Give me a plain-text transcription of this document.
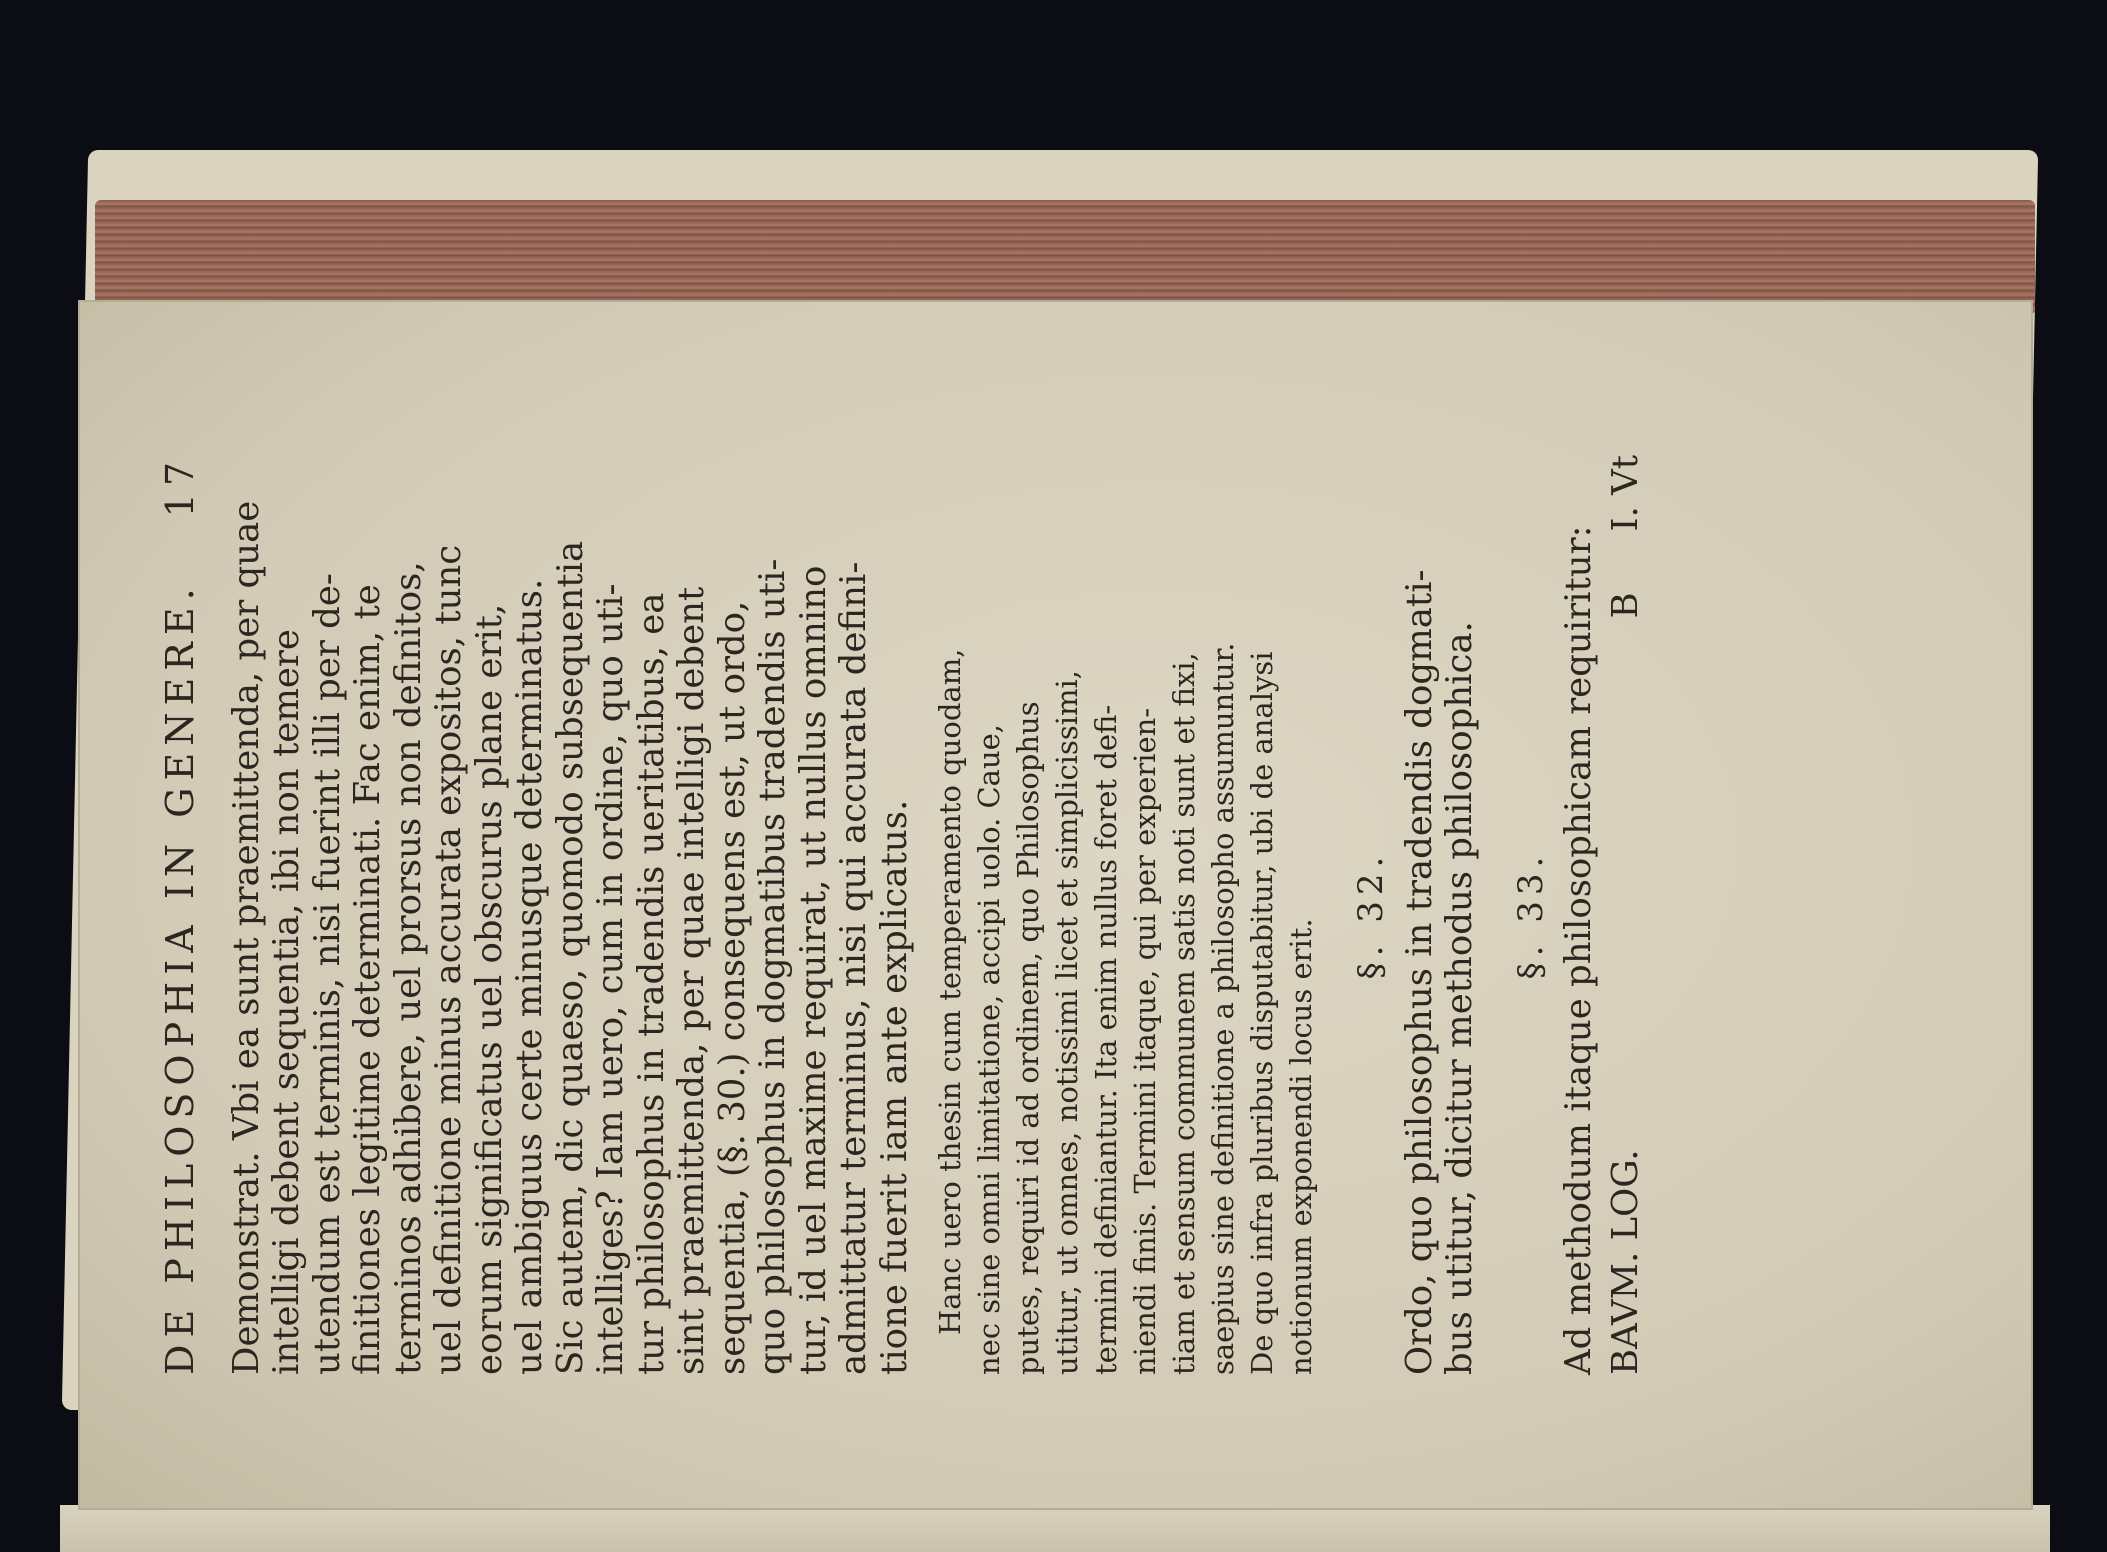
DE PHILOSOPHIA IN GENERE.
17
Demonstrat. Vbi ea sunt praemittenda, per quae intelligi debent sequentia, ibi non temere utendum est terminis, nisi fuerint illi per de- finitiones legitime determinati. Fac enim, te terminos adhibere, uel prorsus non definitos, uel definitione minus accurata expositos, tunc eorum significatus uel obscurus plane erit, uel ambiguus certe minusque determinatus. Sic autem, dic quaeso, quomodo subsequentia intelliges? Iam uero, cum in ordine, quo uti- tur philosophus in tradendis ueritatibus, ea sint praemittenda, per quae intelligi debent sequentia, (§. 30.) consequens est, ut ordo, quo philosophus in dogmatibus tradendis uti- tur, id uel maxime requirat, ut nullus omnino admittatur terminus, nisi qui accurata defini- tione fuerit iam ante explicatus. Hanc uero thesin cum temperamento quodam, nec sine omni limitatione, accipi uolo. Caue, putes, requiri id ad ordinem, quo Philosophus utitur, ut omnes, notissimi licet et simplicissimi, termini definiantur. Ita enim nullus foret defi- niendi finis. Termini itaque, qui per experien- tiam et sensum communem satis noti sunt et fixi, saepius sine definitione a philosopho assumuntur. De quo infra pluribus disputabitur, ubi de analysi notionum exponendi locus erit.
§. 32. Ordo, quo philosophus in tradendis dogmati- bus utitur, dicitur methodus philosophica. §. 33. Ad methodum itaque philosophicam requiritur: BAVM. LOG.
B
I. Vt
